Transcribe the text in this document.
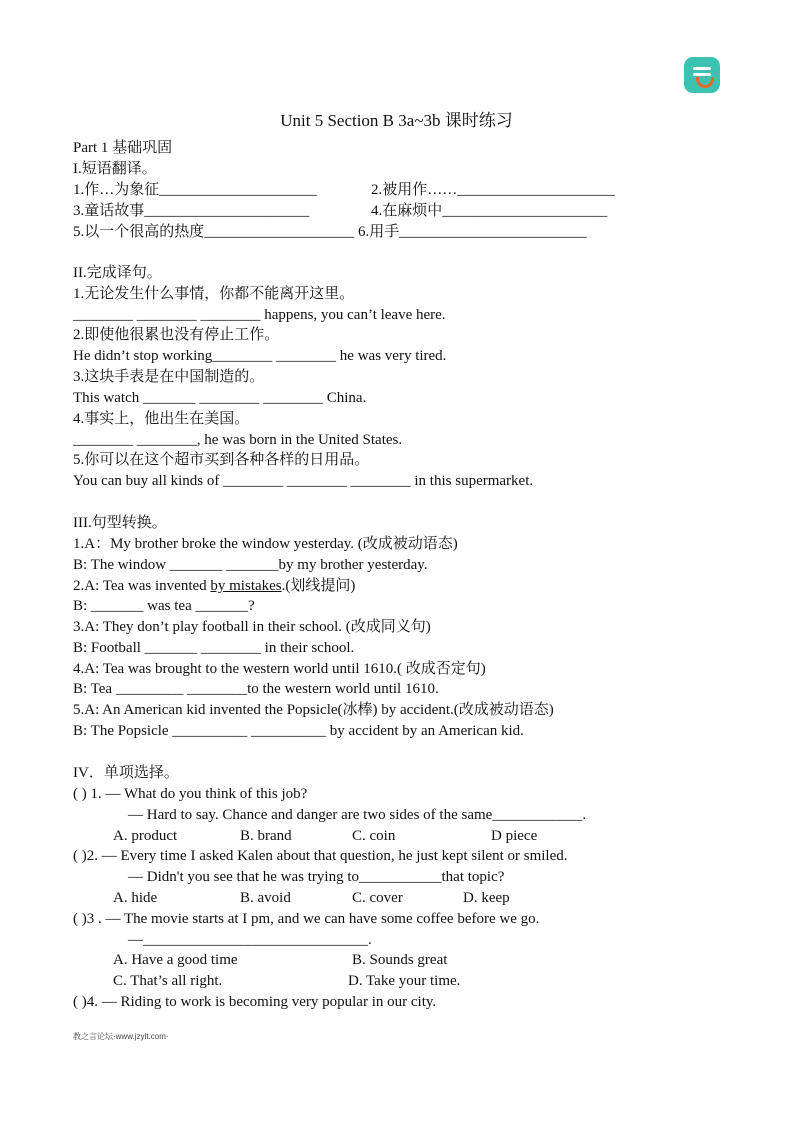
Unit 5 Section B 3a~3b 课时练习
Part 1 基础巩固
I.短语翻译。
1.作…为象征_____________________	2.被用作……_____________________
3.童话故事______________________	4.在麻烦中______________________
5.以一个很高的热度____________________ 6.用手_________________________
II.完成译句。
1.无论发生什么事情，你都不能离开这里。
________ ________ ________ happens, you can’t leave here.
2.即使他很累也没有停止工作。
He didn’t stop working________ ________ he was very tired.
3.这块手表是在中国制造的。
This watch _______ ________ ________ China.
4.事实上，他出生在美国。
________ ________, he was born in the United States.
5.你可以在这个超市买到各种各样的日用品。
You can buy all kinds of ________ ________ ________ in this supermarket.
III.句型转换。
1.A：My brother broke the window yesterday. (改成被动语态)
B: The window _______ _______by my brother yesterday.
2.A: Tea was invented by mistakes.(划线提问)
B: _______ was tea _______?
3.A: They don’t play football in their school. (改成同义句)
B: Football _______ ________ in their school.
4.A: Tea was brought to the western world until 1610.( 改成否定句)
B: Tea _________ ________to the western world until 1610.
5.A: An American kid invented the Popsicle(冰棒) by accident.(改成被动语态)
B: The Popsicle __________ __________ by accident by an American kid.
IV．单项选择。
( ) 1. — What do you think of this job?
— Hard to say. Chance and danger are two sides of the same____________.
A. product	B. brand	C. coin	D piece
( )2. — Every time I asked Kalen about that question, he just kept silent or smiled.
— Didn't you see that he was trying to___________that topic?
A. hide	B. avoid	C. cover	D. keep
( )3 . — The movie starts at I pm, and we can have some coffee before we go.
—______________________________.
A. Have a good time	B. Sounds great
C. That’s all right.	D. Take your time.
( )4. — Riding to work is becoming very popular in our city.
教之言论坛·www.jzylt.com·
